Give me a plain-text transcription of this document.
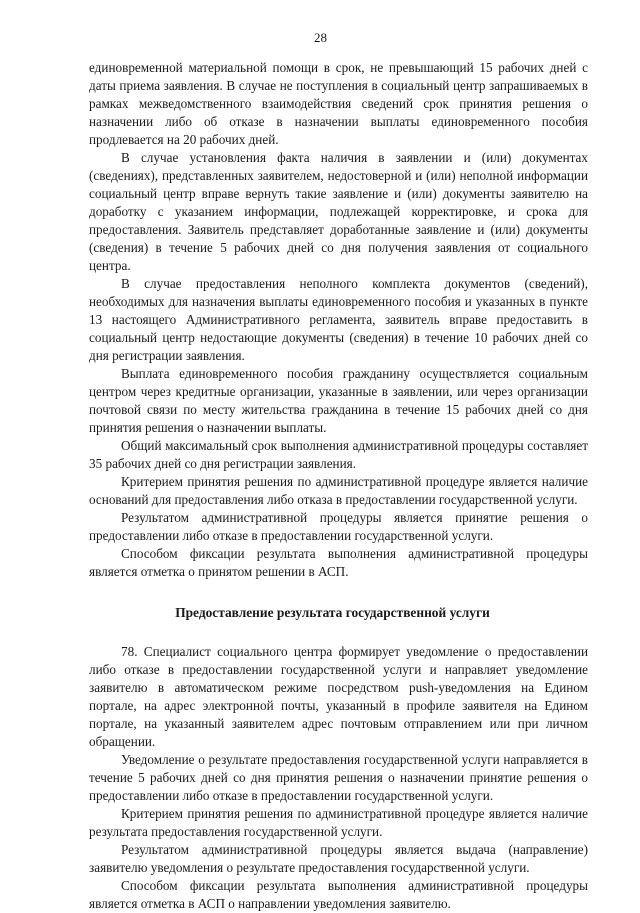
28

единовременной материальной помощи в срок, не превышающий 15 рабочих дней с даты приема заявления. В случае не поступления в социальный центр запрашиваемых в рамках межведомственного взаимодействия сведений срок принятия решения о назначении либо об отказе в назначении выплаты единовременного пособия продлевается на 20 рабочих дней.

В случае установления факта наличия в заявлении и (или) документах (сведениях), представленных заявителем, недостоверной и (или) неполной информации социальный центр вправе вернуть такие заявление и (или) документы заявителю на доработку с указанием информации, подлежащей корректировке, и срока для предоставления. Заявитель представляет доработанные заявление и (или) документы (сведения) в течение 5 рабочих дней со дня получения заявления от социального центра.

В случае предоставления неполного комплекта документов (сведений), необходимых для назначения выплаты единовременного пособия и указанных в пункте 13 настоящего Административного регламента, заявитель вправе предоставить в социальный центр недостающие документы (сведения) в течение 10 рабочих дней со дня регистрации заявления.

Выплата единовременного пособия гражданину осуществляется социальным центром через кредитные организации, указанные в заявлении, или через организации почтовой связи по месту жительства гражданина в течение 15 рабочих дней со дня принятия решения о назначении выплаты.

Общий максимальный срок выполнения административной процедуры составляет 35 рабочих дней со дня регистрации заявления.

Критерием принятия решения по административной процедуре является наличие оснований для предоставления либо отказа в предоставлении государственной услуги.

Результатом административной процедуры является принятие решения о предоставлении либо отказе в предоставлении государственной услуги.

Способом фиксации результата выполнения административной процедуры является отметка о принятом решении в АСП.

Предоставление результата государственной услуги

78. Специалист социального центра формирует уведомление о предоставлении либо отказе в предоставлении государственной услуги и направляет уведомление заявителю в автоматическом режиме посредством push-уведомления на Едином портале, на адрес электронной почты, указанный в профиле заявителя на Едином портале, на указанный заявителем адрес почтовым отправлением или при личном обращении.

Уведомление о результате предоставления государственной услуги направляется в течение 5 рабочих дней со дня принятия решения о назначении принятие решения о предоставлении либо отказе в предоставлении государственной услуги.

Критерием принятия решения по административной процедуре является наличие результата предоставления государственной услуги.

Результатом административной процедуры является выдача (направление) заявителю уведомления о результате предоставления государственной услуги.

Способом фиксации результата выполнения административной процедуры является отметка в АСП о направлении уведомления заявителю.
